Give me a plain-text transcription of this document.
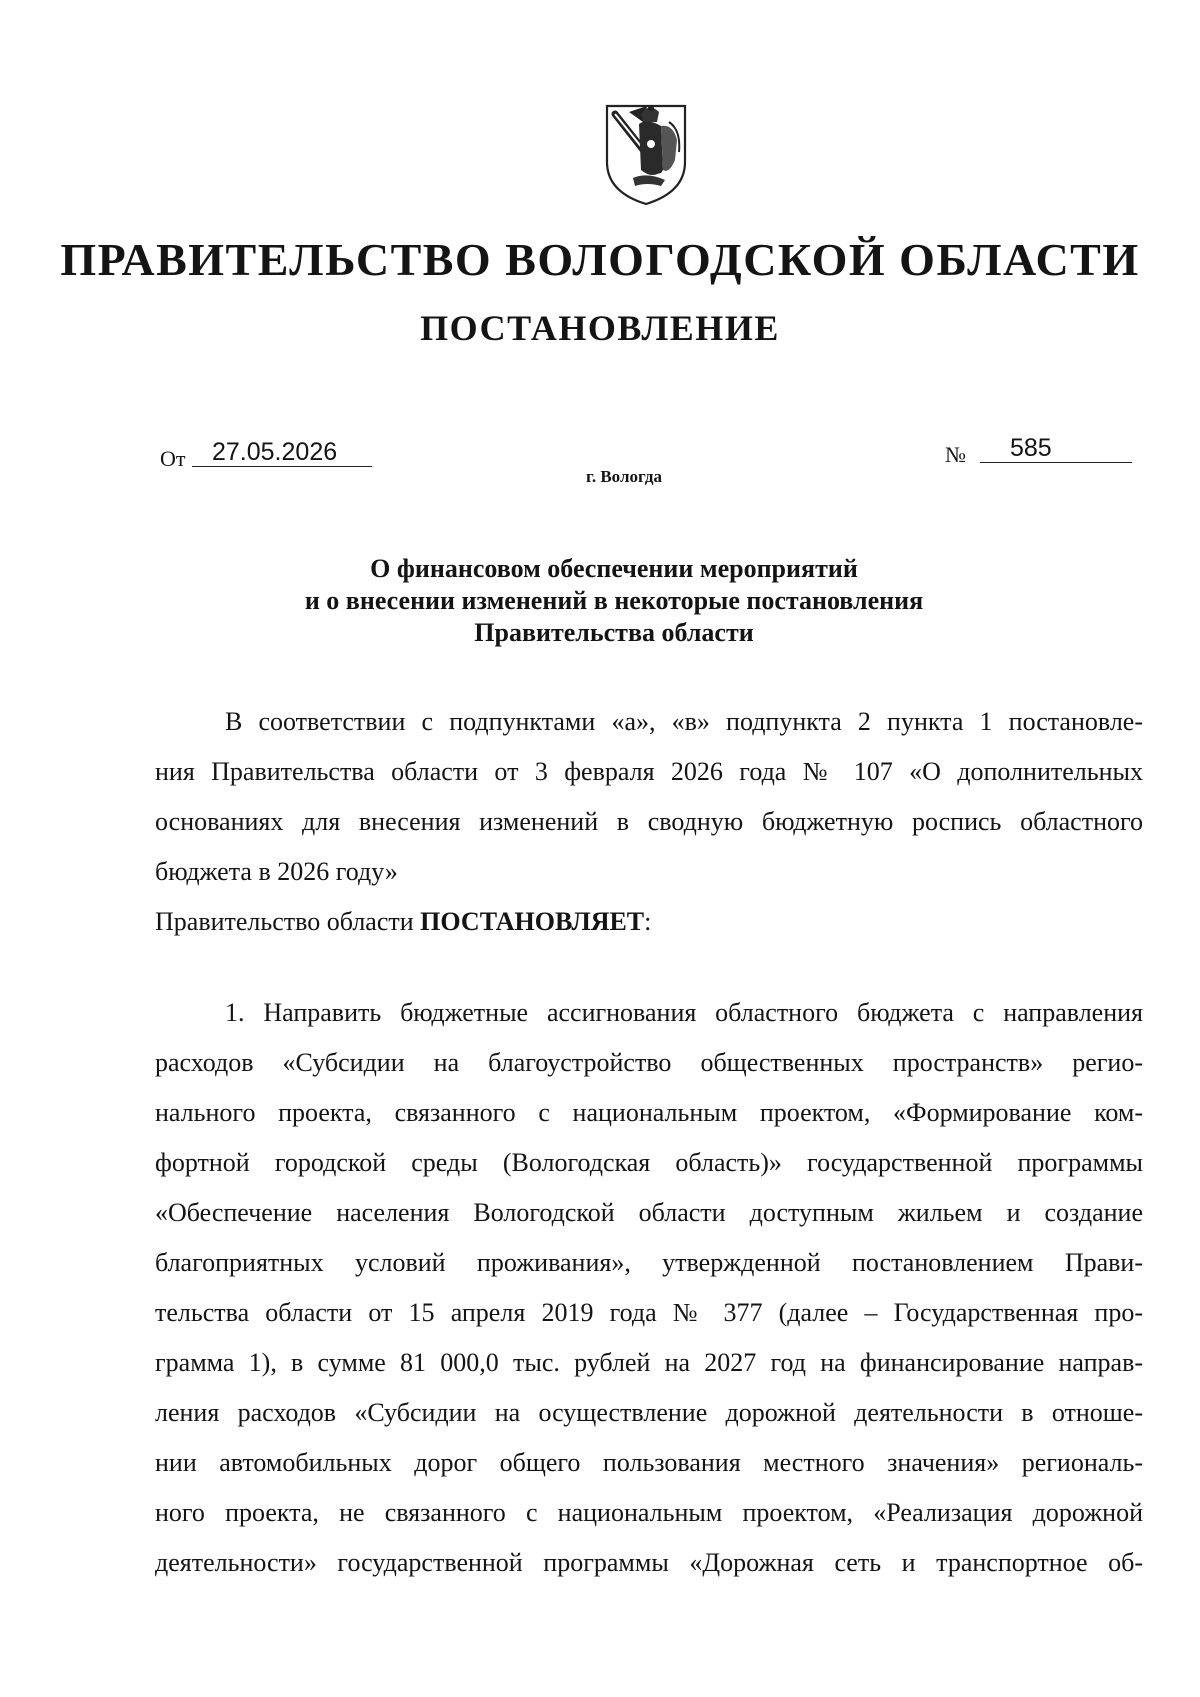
ПРАВИТЕЛЬСТВО ВОЛОГОДСКОЙ ОБЛАСТИ
ПОСТАНОВЛЕНИЕ
От	27.05.2026	№	585
г. Вологда
О финансовом обеспечении мероприятий
и о внесении изменений в некоторые постановления
Правительства области
В соответствии с подпунктами «а», «в» подпункта 2 пункта 1 постановле-
ния Правительства области от 3 февраля 2026 года № 107 «О дополнительных
основаниях для внесения изменений в сводную бюджетную роспись областного
бюджета в 2026 году»
Правительство области ПОСТАНОВЛЯЕТ:
1. Направить бюджетные ассигнования областного бюджета с направления
расходов «Субсидии на благоустройство общественных пространств» регио-
нального проекта, связанного с национальным проектом, «Формирование ком-
фортной городской среды (Вологодская область)» государственной программы
«Обеспечение населения Вологодской области доступным жильем и создание
благоприятных условий проживания», утвержденной постановлением Прави-
тельства области от 15 апреля 2019 года № 377 (далее – Государственная про-
грамма 1), в сумме 81 000,0 тыс. рублей на 2027 год на финансирование направ-
ления расходов «Субсидии на осуществление дорожной деятельности в отноше-
нии автомобильных дорог общего пользования местного значения» региональ-
ного проекта, не связанного с национальным проектом, «Реализация дорожной
деятельности» государственной программы «Дорожная сеть и транспортное об-
